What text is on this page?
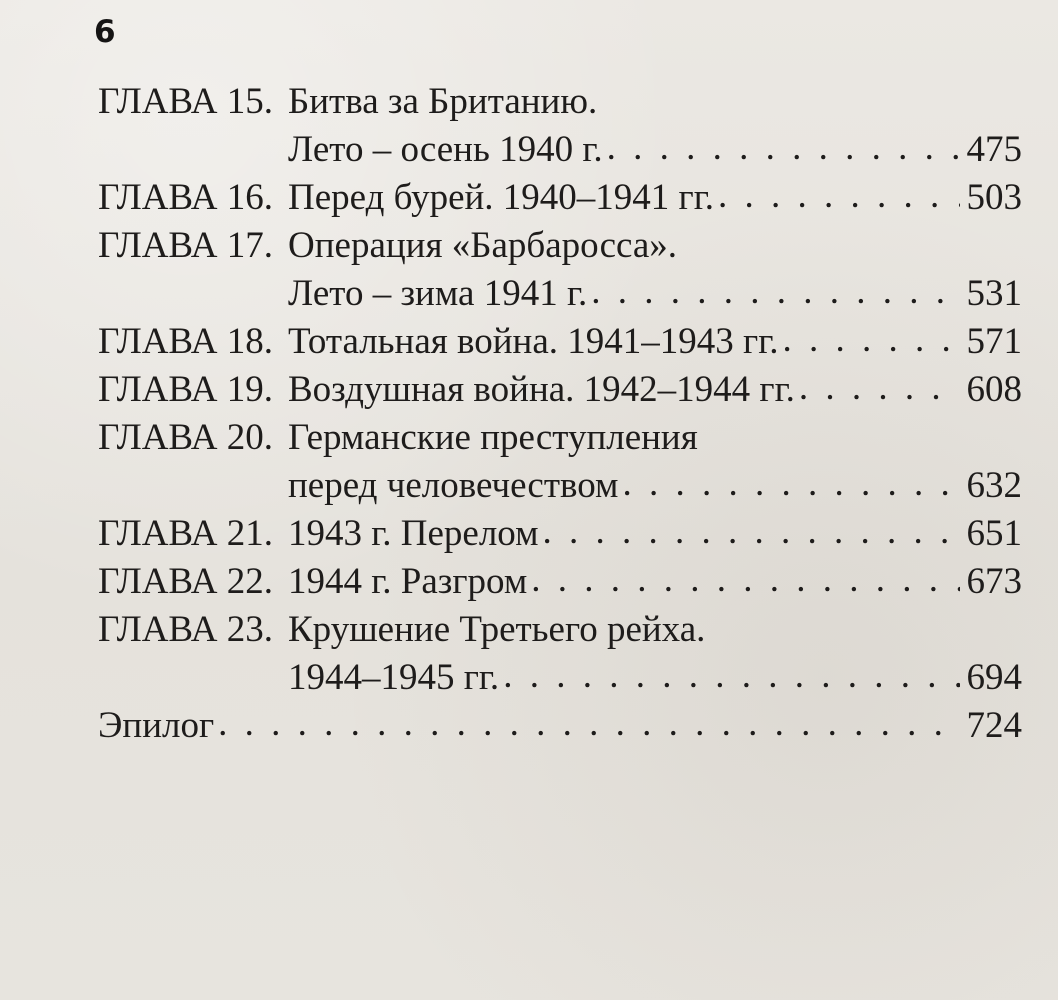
6
ГЛАВА 15. Битва за Британию.
Лето – осень 1940 г. . . .	475
ГЛАВА 16. Перед бурей. 1940–1941 гг. . . .	503
ГЛАВА 17. Операция «Барбаросса».
Лето – зима 1941 г. . . .	531
ГЛАВА 18. Тотальная война. 1941–1943 гг. . . .	571
ГЛАВА 19. Воздушная война. 1942–1944 гг. . . .	608
ГЛАВА 20. Германские преступления
перед человечеством . . .	632
ГЛАВА 21. 1943 г. Перелом . . .	651
ГЛАВА 22. 1944 г. Разгром . . .	673
ГЛАВА 23. Крушение Третьего рейха.
1944–1945 гг. . . .	694
Эпилог . . .	724
